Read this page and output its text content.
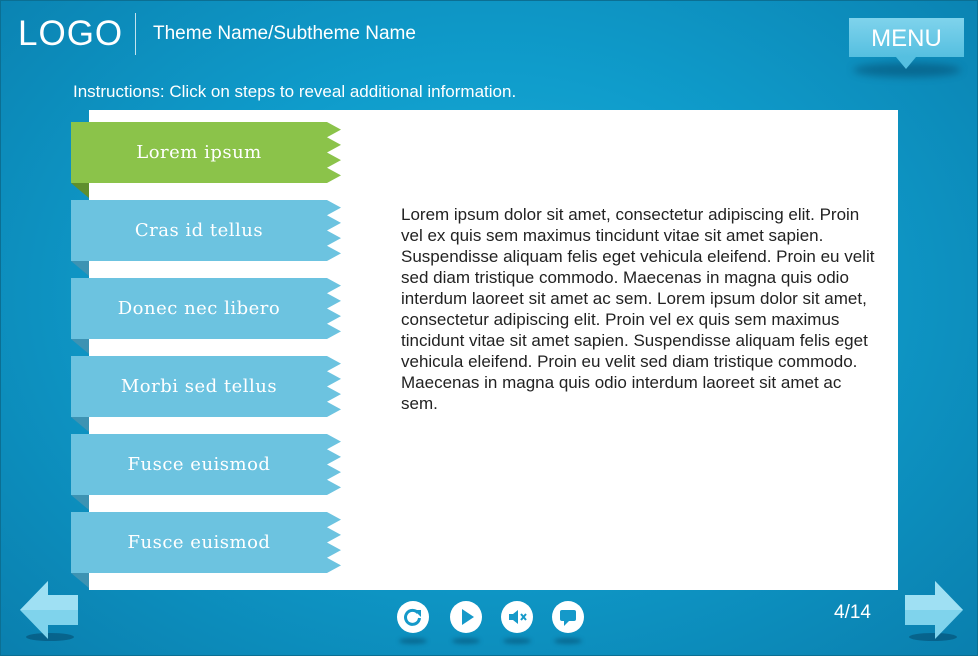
LOGO Theme Name/Subtheme Name	MENU
Instructions: Click on steps to reveal additional information.
Lorem ipsum
Cras id tellus
Donec nec libero
Morbi sed tellus
Fusce euismod
Fusce euismod
Lorem ipsum dolor sit amet, consectetur adipiscing elit. Proin vel ex quis sem maximus tincidunt vitae sit amet sapien. Suspendisse aliquam felis eget vehicula eleifend. Proin eu velit sed diam tristique commodo. Maecenas in magna quis odio interdum laoreet sit amet ac sem. Lorem ipsum dolor sit amet, consectetur adipiscing elit. Proin vel ex quis sem maximus tincidunt vitae sit amet sapien. Suspendisse aliquam felis eget vehicula eleifend. Proin eu velit sed diam tristique commodo. Maecenas in magna quis odio interdum laoreet sit amet ac sem.
4/14
